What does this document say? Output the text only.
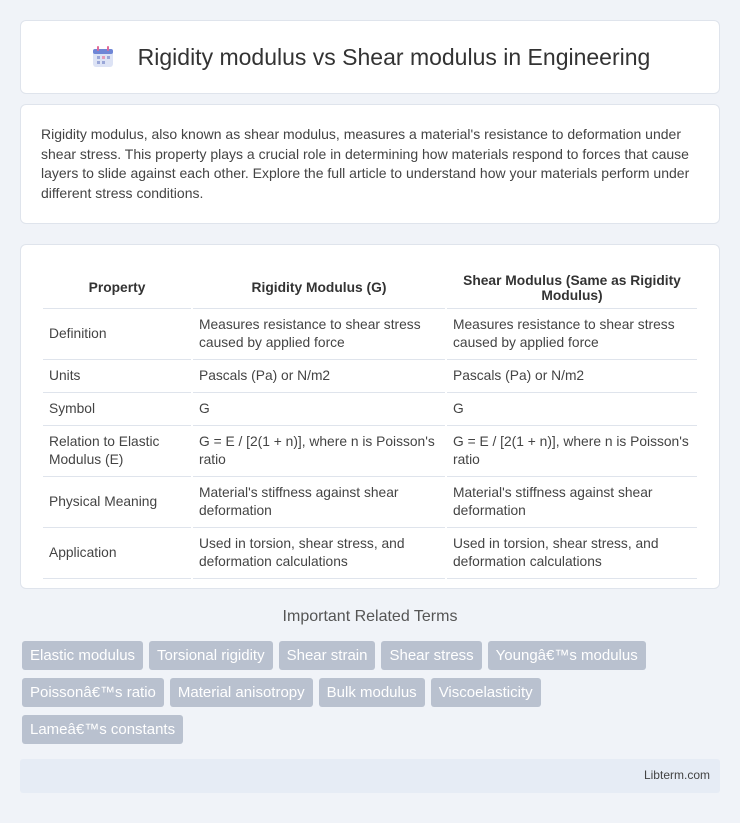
Rigidity modulus vs Shear modulus in Engineering

Rigidity modulus, also known as shear modulus, measures a material's resistance to deformation under shear stress. This property plays a crucial role in determining how materials respond to forces that cause layers to slide against each other. Explore the full article to understand how your materials perform under different stress conditions.

Property	Rigidity Modulus (G)	Shear Modulus (Same as Rigidity Modulus)
Definition	Measures resistance to shear stress caused by applied force	Measures resistance to shear stress caused by applied force
Units	Pascals (Pa) or N/m2	Pascals (Pa) or N/m2
Symbol	G	G
Relation to Elastic Modulus (E)	G = E / [2(1 + n)], where n is Poisson's ratio	G = E / [2(1 + n)], where n is Poisson's ratio
Physical Meaning	Material's stiffness against shear deformation	Material's stiffness against shear deformation
Application	Used in torsion, shear stress, and deformation calculations	Used in torsion, shear stress, and deformation calculations
Important Related Terms
Elastic modulus	Torsional rigidity	Shear strain	Shear stress	Youngâ€™s modulus
Poissonâ€™s ratio	Material anisotropy	Bulk modulus	Viscoelasticity
Lameâ€™s constants
Libterm.com
